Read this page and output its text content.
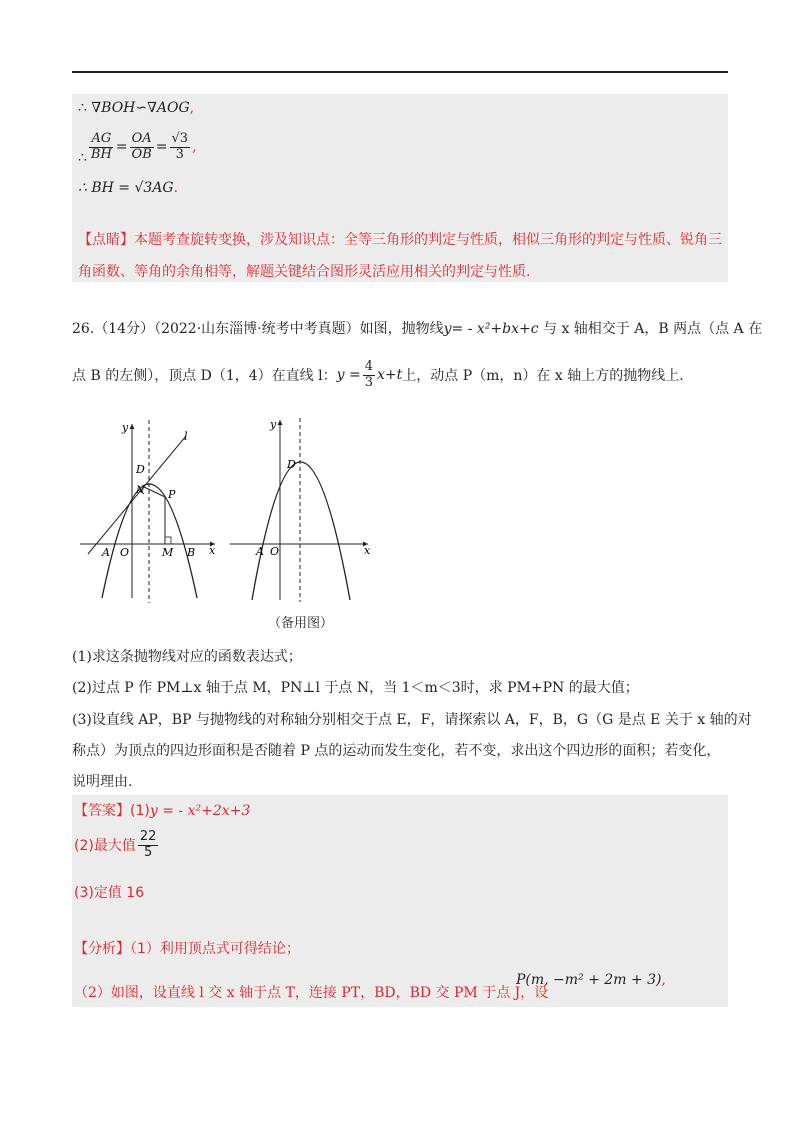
∴ ∇BOH∽∇AOG,
∴ $\frac{AG}{BH} = \frac{OA}{OB} = \frac{√3}{3}$ ,
∴ BH = √3AG.
【点睛】本题考查旋转变换，涉及知识点：全等三角形的判定与性质，相似三角形的判定与性质、锐角三
角函数、等角的余角相等，解题关键结合图形灵活应用相关的判定与性质.
26.（14分）（2022·山东淄博·统考中考真题）如图，抛物线y= - x²+bx+c 与 x 轴相交于 A，B 两点（点 A 在
点 B 的左侧），顶点 D（1，4）在直线 l： $y = \frac{4}{3} x+t$ 上，动点 P（m，n）在 x 轴上方的抛物线上.
y
l
D
N P
A O	M B x
y
D
A O	x
（备用图）
(1)求这条抛物线对应的函数表达式；
(2)过点 P 作 PM⊥x 轴于点 M，PN⊥l 于点 N，当 1＜m＜3时，求 PM+PN 的最大值；
(3)设直线 AP，BP 与抛物线的对称轴分别相交于点 E，F，请探索以 A，F，B，G（G 是点 E 关于 x 轴的对
称点）为顶点的四边形面积是否随着 P 点的运动而发生变化，若不变，求出这个四边形的面积；若变化，
说明理由.
【答案】(1)y = - x²+2x+3
(2)最大值 $\frac{22}{5}$
(3)定值 16
【分析】（1）利用顶点式可得结论；
（2）如图，设直线 l 交 x 轴于点 T，连接 PT，BD，BD 交 PM 于点 J，设
P(m, −m² + 2m + 3),
